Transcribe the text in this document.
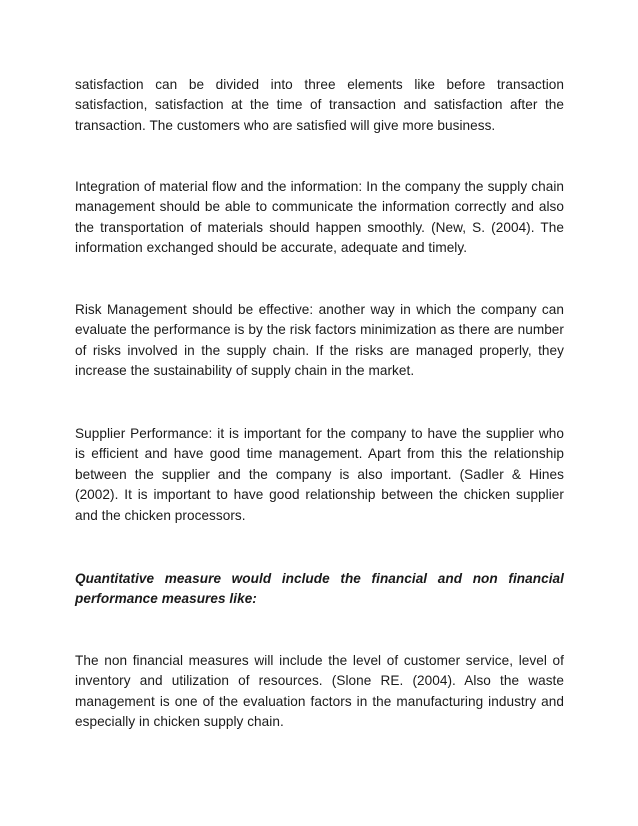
satisfaction can be divided into three elements like before transaction satisfaction, satisfaction at the time of transaction and satisfaction after the transaction. The customers who are satisfied will give more business.

Integration of material flow and the information: In the company the supply chain management should be able to communicate the information correctly and also the transportation of materials should happen smoothly. (New, S. (2004). The information exchanged should be accurate, adequate and timely.

Risk Management should be effective: another way in which the company can evaluate the performance is by the risk factors minimization as there are number of risks involved in the supply chain. If the risks are managed properly, they increase the sustainability of supply chain in the market.

Supplier Performance: it is important for the company to have the supplier who is efficient and have good time management. Apart from this the relationship between the supplier and the company is also important. (Sadler & Hines (2002). It is important to have good relationship between the chicken supplier and the chicken processors.

Quantitative measure would include the financial and non financial performance measures like:

The non financial measures will include the level of customer service, level of inventory and utilization of resources. (Slone RE. (2004). Also the waste management is one of the evaluation factors in the manufacturing industry and especially in chicken supply chain.
